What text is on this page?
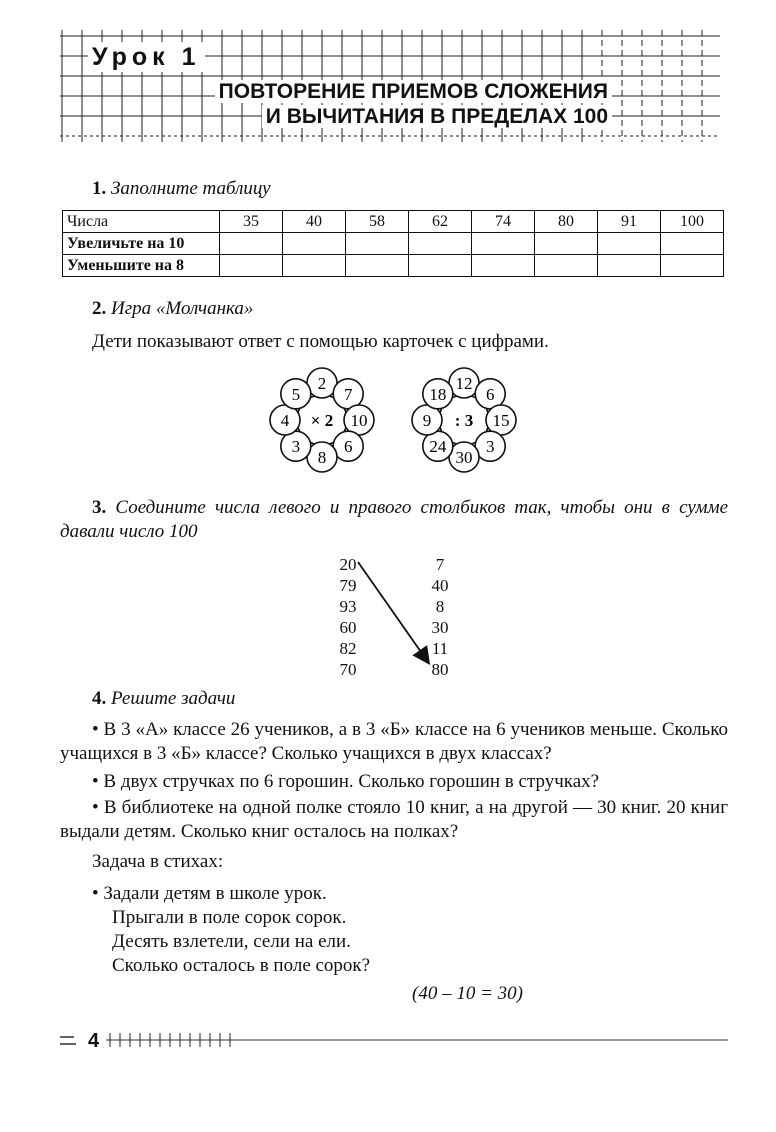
Урок 1
ПОВТОРЕНИЕ ПРИЕМОВ СЛОЖЕНИЯ
И ВЫЧИТАНИЯ В ПРЕДЕЛАХ 100
1. Заполните таблицу
Числа	35	40	58	62	74	80	91	100
Увеличьте на 10								
Уменьшите на 8								
2. Игра «Молчанка»
Дети показывают ответ с помощью карточек с цифрами.
× 2
2
7
10
6
8
3
4
5
: 3
12
6
15
3
30
24
9
18
3. Соедините числа левого и правого столбиков так, чтобы они в сумме давали число 100
20
79
93
60
82
70
7
40
8
30
11
80
4. Решите задачи
• В 3 «А» классе 26 учеников, а в 3 «Б» классе на 6 учеников меньше. Сколько учащихся в 3 «Б» классе? Сколько учащихся в двух классах?
• В двух стручках по 6 горошин. Сколько горошин в стручках?
• В библиотеке на одной полке стояло 10 книг, а на другой — 30 книг. 20 книг выдали детям. Сколько книг осталось на полках?
Задача в стихах:
• Задали детям в школе урок.
Прыгали в поле сорок сорок.
Десять взлетели, сели на ели.
Сколько осталось в поле сорок?
(40 – 10 = 30)
4
